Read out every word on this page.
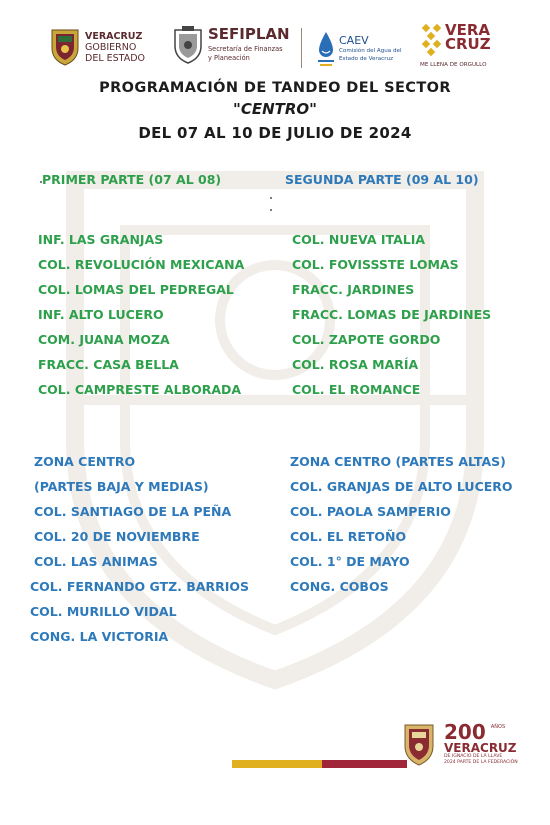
VERACRUZ
GOBIERNO
DEL ESTADO
SEFIPLAN
Secretaría de Finanzas
y Planeación
CAEV
Comisión del Agua del
Estado de Veracruz
VERA
CRUZ
ME LLENA DE ORGULLO
PROGRAMACIÓN DE TANDEO DEL SECTOR
"CENTRO"
DEL 07 AL 10 DE JULIO DE 2024
PRIMER PARTE (07 AL 08)	SEGUNDA PARTE (09 AL 10)
INF. LAS GRANJAS
COL. REVOLUCIÓN MEXICANA
COL. LOMAS DEL PEDREGAL
INF. ALTO LUCERO
COM. JUANA MOZA
FRACC. CASA BELLA
COL. CAMPRESTE ALBORADA
COL. NUEVA ITALIA
COL. FOVISSSTE LOMAS
FRACC. JARDINES
FRACC. LOMAS DE JARDINES
COL. ZAPOTE GORDO
COL. ROSA MARÍA
COL. EL ROMANCE
ZONA CENTRO
(PARTES BAJA Y MEDIAS)
COL. SANTIAGO DE LA PEÑA
COL. 20 DE NOVIEMBRE
COL. LAS ANIMAS
COL. FERNANDO GTZ. BARRIOS
COL. MURILLO VIDAL
CONG. LA VICTORIA
ZONA CENTRO (PARTES ALTAS)
COL. GRANJAS DE ALTO LUCERO
COL. PAOLA SAMPERIO
COL. EL RETOÑO
COL. 1° DE MAYO
CONG. COBOS
200 $^{AÑOS}$
VERACRUZ
DE IGNACIO DE LA LLAVE
2024 PARTE DE LA FEDERACIÓN
